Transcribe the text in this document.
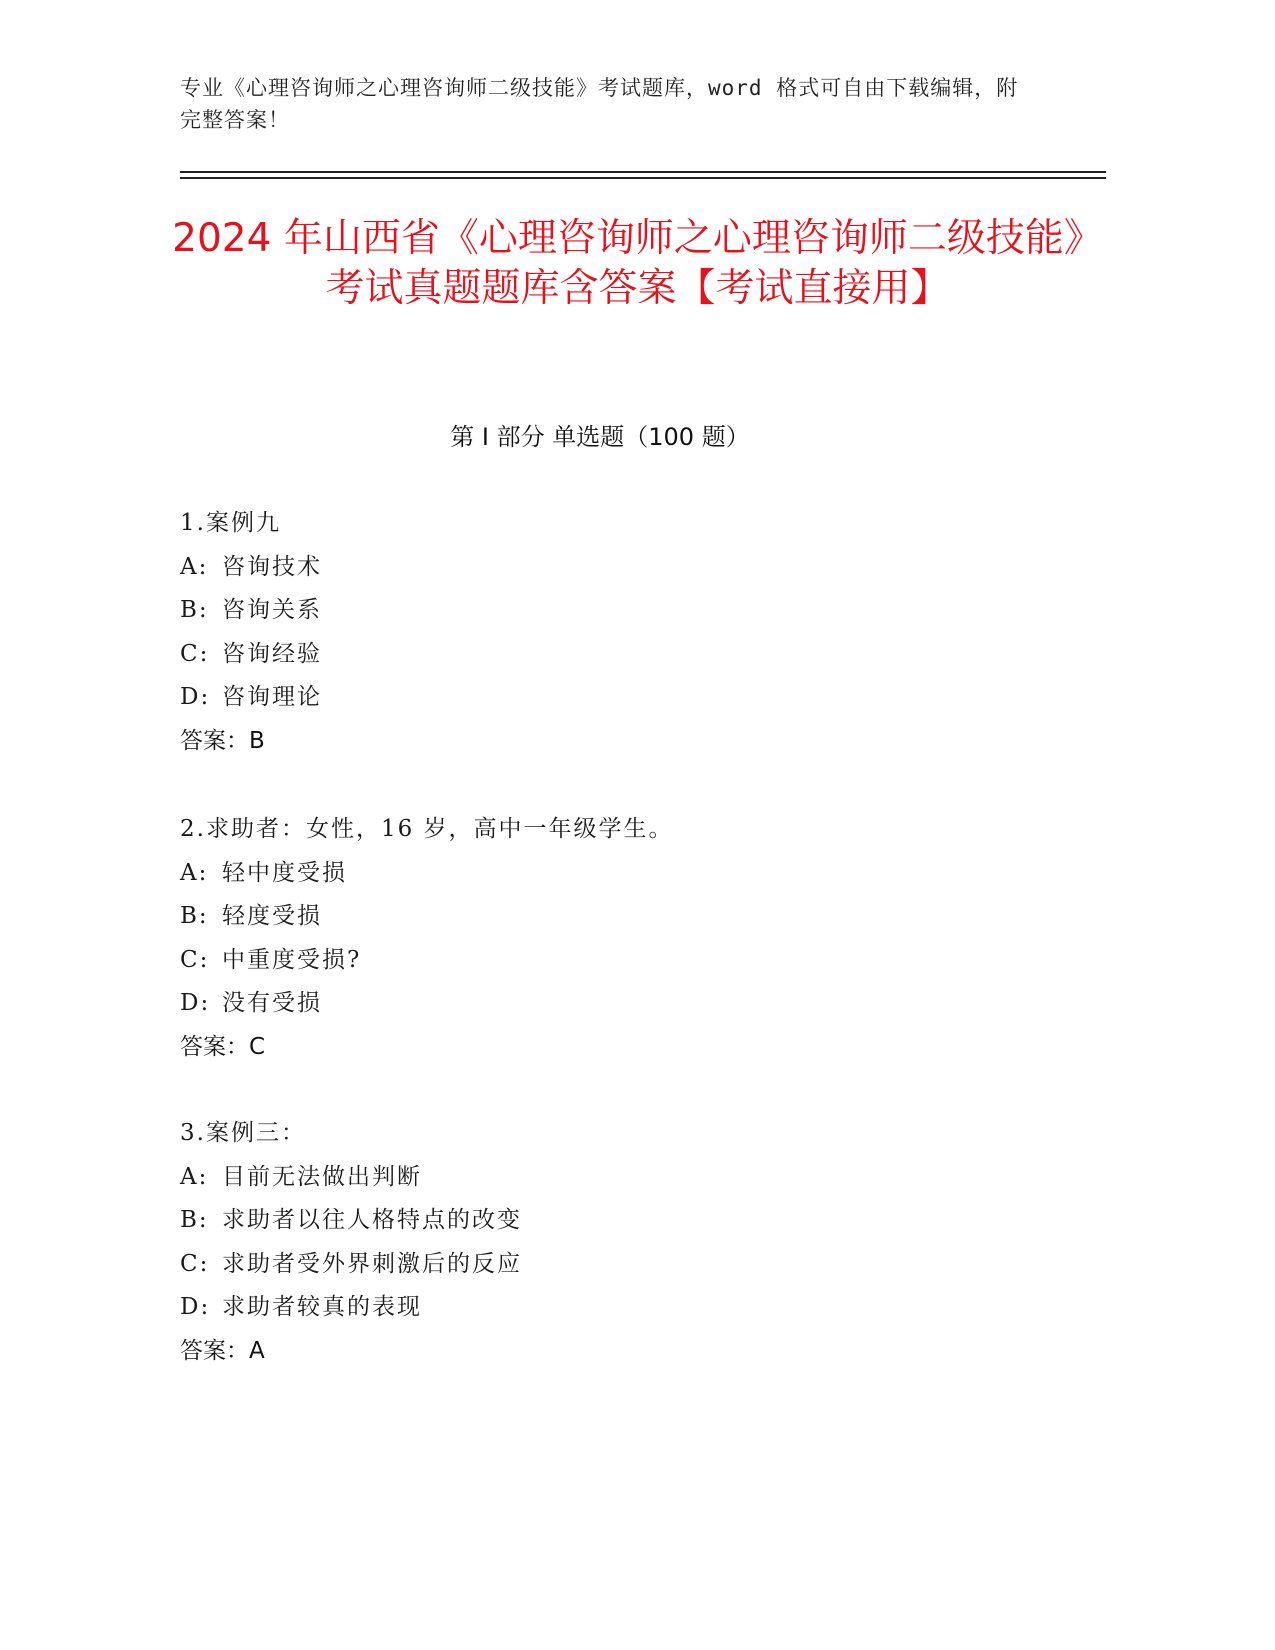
专业《心理咨询师之心理咨询师二级技能》考试题库，word 格式可自由下载编辑，附完整答案！
2024 年山西省《心理咨询师之心理咨询师二级技能》考试真题题库含答案【考试直接用】
第 I 部分 单选题（100 题）
1.案例九
A: 咨询技术
B: 咨询关系
C: 咨询经验
D: 咨询理论
答案：B
2.求助者：女性，16 岁，高中一年级学生。
A: 轻中度受损
B: 轻度受损
C: 中重度受损?
D: 没有受损
答案：C
3.案例三：
A: 目前无法做出判断
B: 求助者以往人格特点的改变
C: 求助者受外界刺激后的反应
D: 求助者较真的表现
答案：A
